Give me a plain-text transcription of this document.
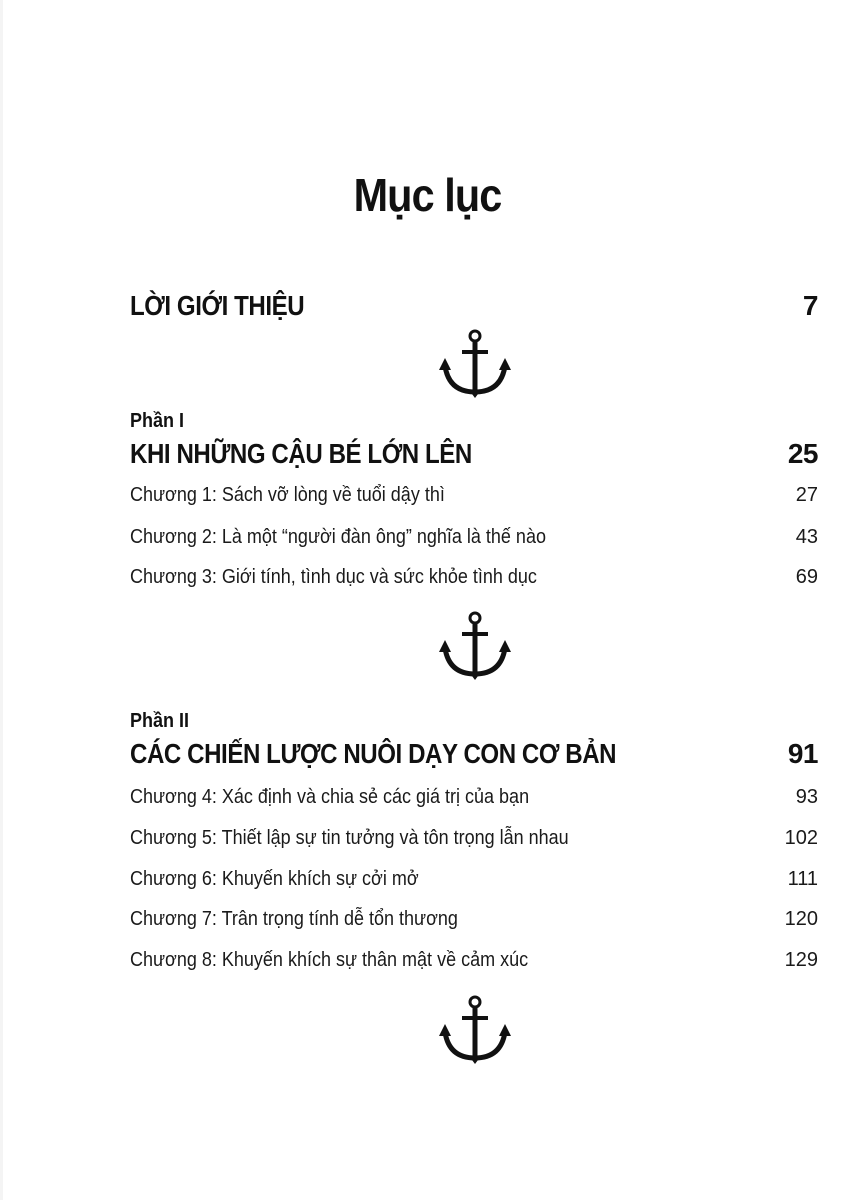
Mục lục
LỜI GIỚI THIỆU	7
Phần I
KHI NHỮNG CẬU BÉ LỚN LÊN	25
Chương 1: Sách vỡ lòng về tuổi dậy thì	27
Chương 2: Là một “người đàn ông” nghĩa là thế nào	43
Chương 3: Giới tính, tình dục và sức khỏe tình dục	69
Phần II
CÁC CHIẾN LƯỢC NUÔI DẠY CON CƠ BẢN	91
Chương 4: Xác định và chia sẻ các giá trị của bạn	93
Chương 5: Thiết lập sự tin tưởng và tôn trọng lẫn nhau	102
Chương 6: Khuyến khích sự cởi mở	111
Chương 7: Trân trọng tính dễ tổn thương	120
Chương 8: Khuyến khích sự thân mật về cảm xúc	129
